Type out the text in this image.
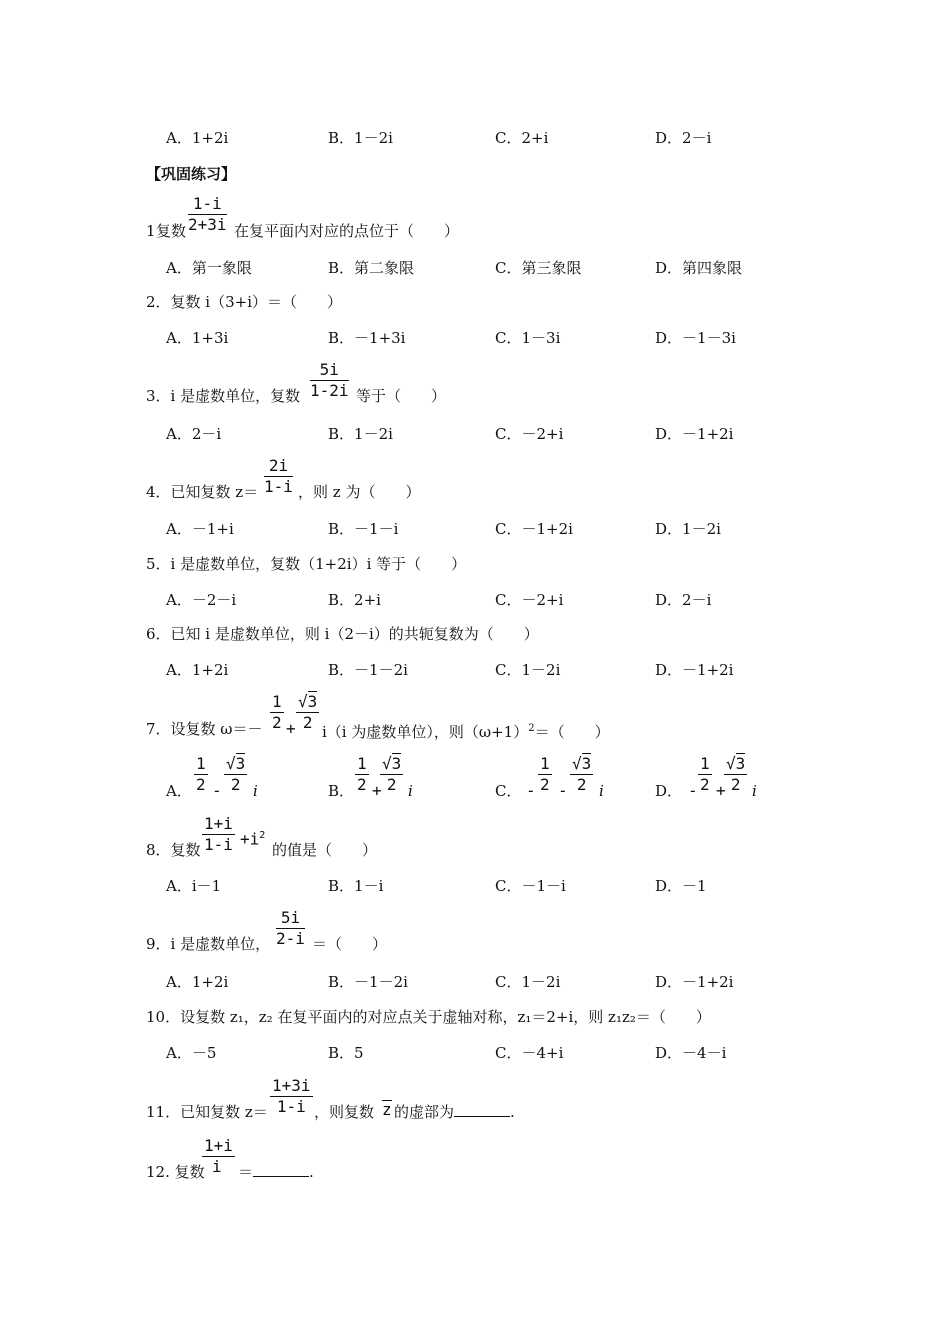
A．1+2i	B．1－2i	C．2+i	D．2－i
【巩固练习】
1 复数 $\frac{1-i}{2+3i}$ 在复平面内对应的点位于（　　）
A．第一象限	B．第二象限	C．第三象限	D．第四象限
2．复数 i（3+i）＝（　　）
A．1+3i	B．－1+3i	C．1－3i	D．－1－3i
3．i 是虚数单位，复数 $\frac{5i}{1-2i}$ 等于（　　）
A．2－i	B．1－2i	C．－2+i	D．－1+2i
4．已知复数 $z= \frac{2i}{1-i}$ ，则 z 为（　　）
A．－1+i	B．－1－i	C．－1+2i	D．1－2i
5．i 是虚数单位，复数（1+2i）i 等于（　　）
A．－2－i	B．2+i	C．－2+i	D．2－i
6．已知 i 是虚数单位，则 i（2－i）的共轭复数为（　　）
A．1+2i	B．－1－2i	C．1－2i	D．－1+2i
7．设复数 $\omega=- \frac{1}{2} + \frac{√3}{2} i(i$ 为虚数单位），则$(\omega+1)^2=$（　　）
A． $\frac{1}{2} - \frac{√3}{2}$ i	B． $\frac{1}{2}$ +
$\frac{√3}{2}$ i	C． - $\frac{1}{2} - \frac{√3}{2}$ i	D． - $\frac{1}{2}$ +
$\frac{√3}{2}$ i
8．复数 $\frac{1+i}{1-i} +i^2$
的值是（　　）
A．i－1	B．1－i	C．－1－i	D．－1
9．i 是虚数单位， $\frac{5i}{2-i}$ ＝（　　）
A．1+2i	B．－1－2i	C．1－2i	D．－1+2i
10．设复数 z₁，z₂ 在复平面内的对应点关于虚轴对称，z₁＝2+i，则 z₁z₂＝（　　）
A．－5	B．5	C．－4+i	D．－4－i
11．已知复数 $z= \frac{1+3i}{1-i}$ ，则复数 z 的虚部为	.
12. 复数
$\frac{1+i}{i}$ ＝	.
